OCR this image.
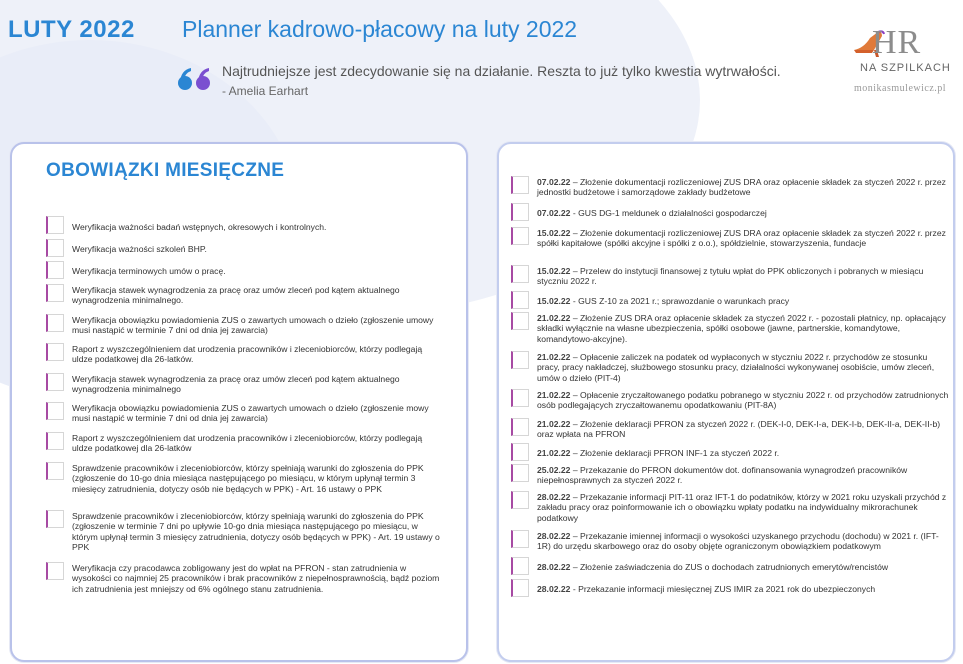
LUTY 2022 Planner kadrowo-płacowy na luty 2022
Najtrudniejsze jest zdecydowanie się na działanie. Reszta to już tylko kwestia wytrwałości.
- Amelia Earhart
HR
NA SZPILKACH
monikasmulewicz.pl
OBOWIĄZKI MIESIĘCZNE
Weryfikacja ważności badań wstępnych, okresowych i kontrolnych.
Weryfikacja ważności szkoleń BHP.
Weryfikacja terminowych umów o pracę.
Weryfikacja stawek wynagrodzenia za pracę oraz umów zleceń pod kątem aktualnego wynagrodzenia minimalnego.
Weryfikacja obowiązku powiadomienia ZUS o zawartych umowach o dzieło (zgłoszenie umowy musi nastąpić w terminie 7 dni od dnia jej zawarcia)
Raport z wyszczególnieniem dat urodzenia pracowników i zleceniobiorców, którzy podlegają uldze podatkowej dla 26-latków.
Weryfikacja stawek wynagrodzenia za pracę oraz umów zleceń pod kątem aktualnego wynagrodzenia minimalnego
Weryfikacja obowiązku powiadomienia ZUS o zawartych umowach o dzieło (zgłoszenie mowy musi nastąpić w terminie 7 dni od dnia jej zawarcia)
Raport z wyszczególnieniem dat urodzenia pracowników i zleceniobiorców, którzy podlegają uldze podatkowej dla 26-latków
Sprawdzenie pracowników i zleceniobiorców, którzy spełniają warunki do zgłoszenia do PPK (zgłoszenie do 10-go dnia miesiąca następującego po miesiącu, w którym upłynął termin 3 miesięcy zatrudnienia, dotyczy osób nie będących w PPK) - Art. 16 ustawy o PPK
Sprawdzenie pracowników i zleceniobiorców, którzy spełniają warunki do zgłoszenia do PPK (zgłoszenie w terminie 7 dni po upływie 10-go dnia miesiąca następującego po miesiącu, w którym upłynął termin 3 miesięcy zatrudnienia, dotyczy osób będących w PPK) - Art. 19 ustawy o PPK
Weryfikacja czy pracodawca zobligowany jest do wpłat na PFRON - stan zatrudnienia w wysokości co najmniej 25 pracowników i brak pracowników z niepełnosprawnością, bądź poziom ich zatrudnienia jest mniejszy od 6% ogólnego stanu zatrudnienia.
07.02.22 – Złożenie dokumentacji rozliczeniowej ZUS DRA oraz opłacenie składek za styczeń 2022 r. przez jednostki budżetowe i samorządowe zakłady budżetowe
07.02.22 - GUS DG-1 meldunek o działalności gospodarczej
15.02.22 – Złożenie dokumentacji rozliczeniowej ZUS DRA oraz opłacenie składek za styczeń 2022 r. przez spółki kapitałowe (spółki akcyjne i spółki z o.o.), spółdzielnie, stowarzyszenia, fundacje
15.02.22 – Przelew do instytucji finansowej z tytułu wpłat do PPK obliczonych i pobranych w miesiącu styczniu 2022 r.
15.02.22 - GUS Z-10 za 2021 r.; sprawozdanie o warunkach pracy
21.02.22 – Złożenie ZUS DRA oraz opłacenie składek za styczeń 2022 r. - pozostali płatnicy, np. opłacający składki wyłącznie na własne ubezpieczenia, spółki osobowe (jawne, partnerskie, komandytowe, komandytowo-akcyjne).
21.02.22 – Opłacenie zaliczek na podatek od wypłaconych w styczniu 2022 r. przychodów ze stosunku pracy, pracy nakładczej, służbowego stosunku pracy, działalności wykonywanej osobiście, umów zleceń, umów o dzieło (PIT-4)
21.02.22 – Opłacenie zryczałtowanego podatku pobranego w styczniu 2022 r. od przychodów zatrudnionych osób podlegających zryczałtowanemu opodatkowaniu (PIT-8A)
21.02.22 – Złożenie deklaracji PFRON za styczeń 2022 r. (DEK-I-0, DEK-I-a, DEK-I-b, DEK-II-a, DEK-II-b) oraz wpłata na PFRON
21.02.22 – Złożenie deklaracji PFRON INF-1 za styczeń 2022 r.
25.02.22 – Przekazanie do PFRON dokumentów dot. dofinansowania wynagrodzeń pracowników niepełnosprawnych za styczeń 2022 r.
28.02.22 – Przekazanie informacji PIT-11 oraz IFT-1 do podatników, którzy w 2021 roku uzyskali przychód z zakładu pracy oraz poinformowanie ich o obowiązku wpłaty podatku na indywidualny mikrorachunek podatkowy
28.02.22 – Przekazanie imiennej informacji o wysokości uzyskanego przychodu (dochodu) w 2021 r. (IFT-1R) do urzędu skarbowego oraz do osoby objęte ograniczonym obowiązkiem podatkowym
28.02.22 – Złożenie zaświadczenia do ZUS o dochodach zatrudnionych emerytów/rencistów
28.02.22 - Przekazanie informacji miesięcznej ZUS IMIR za 2021 rok do ubezpieczonych
